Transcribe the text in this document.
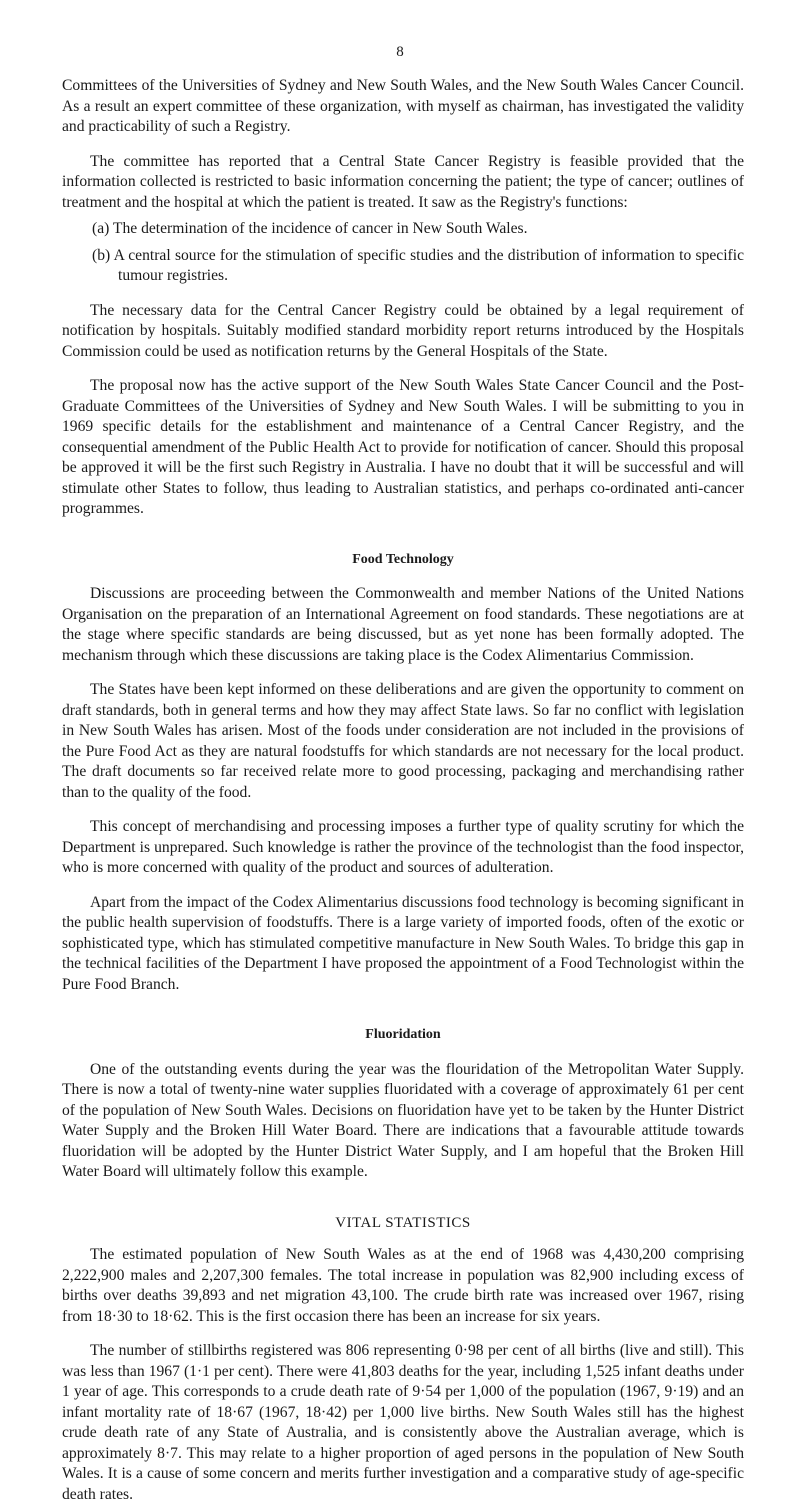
8

Committees of the Universities of Sydney and New South Wales, and the New South Wales Cancer Council. As a result an expert committee of these organization, with myself as chairman, has investigated the validity and practicability of such a Registry.

The committee has reported that a Central State Cancer Registry is feasible provided that the information collected is restricted to basic information concerning the patient; the type of cancer; outlines of treatment and the hospital at which the patient is treated. It saw as the Registry's functions:

(a) The determination of the incidence of cancer in New South Wales.

(b) A central source for the stimulation of specific studies and the distribution of information to specific tumour registries.

The necessary data for the Central Cancer Registry could be obtained by a legal requirement of notification by hospitals. Suitably modified standard morbidity report returns introduced by the Hospitals Commission could be used as notification returns by the General Hospitals of the State.

The proposal now has the active support of the New South Wales State Cancer Council and the Post-Graduate Committees of the Universities of Sydney and New South Wales. I will be submitting to you in 1969 specific details for the establishment and maintenance of a Central Cancer Registry, and the consequential amendment of the Public Health Act to provide for notification of cancer. Should this proposal be approved it will be the first such Registry in Australia. I have no doubt that it will be successful and will stimulate other States to follow, thus leading to Australian statistics, and perhaps co-ordinated anti-cancer programmes.

Food Technology

Discussions are proceeding between the Commonwealth and member Nations of the United Nations Organisation on the preparation of an International Agreement on food standards. These negotiations are at the stage where specific standards are being discussed, but as yet none has been formally adopted. The mechanism through which these discussions are taking place is the Codex Alimentarius Commission.

The States have been kept informed on these deliberations and are given the opportunity to comment on draft standards, both in general terms and how they may affect State laws. So far no conflict with legislation in New South Wales has arisen. Most of the foods under consideration are not included in the provisions of the Pure Food Act as they are natural foodstuffs for which standards are not necessary for the local product. The draft documents so far received relate more to good processing, packaging and merchandising rather than to the quality of the food.

This concept of merchandising and processing imposes a further type of quality scrutiny for which the Department is unprepared. Such knowledge is rather the province of the technologist than the food inspector, who is more concerned with quality of the product and sources of adulteration.

Apart from the impact of the Codex Alimentarius discussions food technology is becoming significant in the public health supervision of foodstuffs. There is a large variety of imported foods, often of the exotic or sophisticated type, which has stimulated competitive manufacture in New South Wales. To bridge this gap in the technical facilities of the Department I have proposed the appointment of a Food Technologist within the Pure Food Branch.

Fluoridation

One of the outstanding events during the year was the flouridation of the Metropolitan Water Supply. There is now a total of twenty-nine water supplies fluoridated with a coverage of approximately 61 per cent of the population of New South Wales. Decisions on fluoridation have yet to be taken by the Hunter District Water Supply and the Broken Hill Water Board. There are indications that a favourable attitude towards fluoridation will be adopted by the Hunter District Water Supply, and I am hopeful that the Broken Hill Water Board will ultimately follow this example.

VITAL STATISTICS

The estimated population of New South Wales as at the end of 1968 was 4,430,200 comprising 2,222,900 males and 2,207,300 females. The total increase in population was 82,900 including excess of births over deaths 39,893 and net migration 43,100. The crude birth rate was increased over 1967, rising from 18·30 to 18·62. This is the first occasion there has been an increase for six years.

The number of stillbirths registered was 806 representing 0·98 per cent of all births (live and still). This was less than 1967 (1·1 per cent). There were 41,803 deaths for the year, including 1,525 infant deaths under 1 year of age. This corresponds to a crude death rate of 9·54 per 1,000 of the population (1967, 9·19) and an infant mortality rate of 18·67 (1967, 18·42) per 1,000 live births. New South Wales still has the highest crude death rate of any State of Australia, and is consistently above the Australian average, which is approximately 8·7. This may relate to a higher proportion of aged persons in the population of New South Wales. It is a cause of some concern and merits further investigation and a comparative study of age-specific death rates.
